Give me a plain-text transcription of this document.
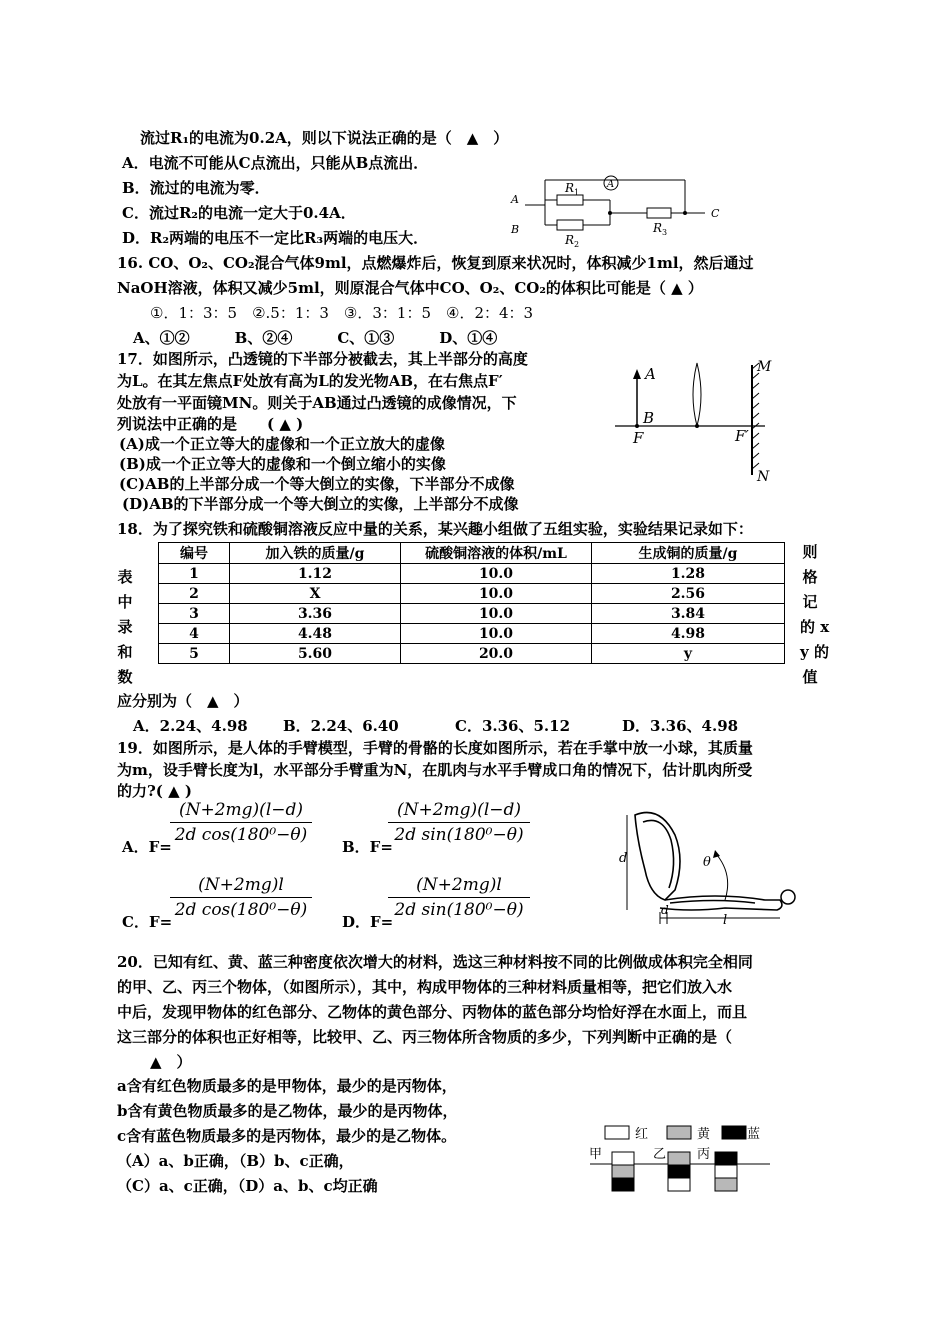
流过R₁的电流为0.2A，则以下说法正确的是（　▲　）
A．电流不可能从C点流出，只能从B点流出．
B．流过的电流为零．
C．流过R₂的电流一定大于0.4A．
D．R₂两端的电压不一定比R₃两端的电压大．
A
B
C
R 1
R 2
R 3
A
16. CO、O₂、CO₂混合气体9ml，点燃爆炸后，恢复到原来状况时，体积减少1ml，然后通过
NaOH溶液，体积又减少5ml，则原混合气体中CO、O₂、CO₂的体积比可能是（ ▲ ）
①．1：3：5　②.5：1：3　③．3：1：5　④．2：4：3
A、①②　　　B、②④　　　C、①③　　　D、①④
17．如图所示，凸透镜的下半部分被截去，其上半部分的高度
为L。在其左焦点F处放有高为L的发光物AB，在右焦点F′
处放有一平面镜MN。则关于AB通过凸透镜的成像情况，下
列说法中正确的是　　( ▲ )
(A)成一个正立等大的虚像和一个正立放大的虚像
(B)成一个正立等大的虚像和一个倒立缩小的实像
(C)AB的上半部分成一个等大倒立的实像，下半部分不成像
(D)AB的下半部分成一个等大倒立的实像，上半部分不成像
A
B
F	F′
M
N
18．为了探究铁和硫酸铜溶液反应中量的关系，某兴趣小组做了五组实验，实验结果记录如下：
表
中
录
和
数
则
格
记
的 x
y 的
值
编号	加入铁的质量/g	硫酸铜溶液的体积/mL	生成铜的质量/g
1	1.12	10.0	1.28
2	X	10.0	2.56
3	3.36	10.0	3.84
4	4.48	10.0	4.98
5	5.60	20.0	y
应分别为（　▲　）
A．2.24、4.98 B．2.24、6.40	C．3.36、5.12	D．3.36、4.98
19．如图所示，是人体的手臂模型，手臂的骨骼的长度如图所示，若在手掌中放一小球，其质量
为m，设手臂长度为l，水平部分手臂重为N，在肌肉与水平手臂成口角的情况下，估计肌肉所受
的力?( ▲ )
A．F=
$\frac{(N+2mg)(l-d)}{\text{2d cos(180⁰−θ)}}$
B．F=
$\frac{(N+2mg)(l-d)}{\text{2d sin(180⁰−θ)}}$
C．F=
$\frac{(N+2mg)l}{\text{2d cos(180⁰−θ)}}$
D．F=
$\frac{(N+2mg)l}{\text{2d sin(180⁰−θ)}}$
d
d
θ
l
20．已知有红、黄、蓝三种密度依次增大的材料，选这三种材料按不同的比例做成体积完全相同
的甲、乙、丙三个物体，（如图所示），其中，构成甲物体的三种材料质量相等，把它们放入水
中后，发现甲物体的红色部分、乙物体的黄色部分、丙物体的蓝色部分均恰好浮在水面上，而且
这三部分的体积也正好相等，比较甲、乙、丙三物体所含物质的多少，下列判断中正确的是（
▲　）
a含有红色物质最多的是甲物体，最少的是丙物体，
b含有黄色物质最多的是乙物体，最少的是丙物体，
c含有蓝色物质最多的是丙物体，最少的是乙物体。
（A）a、b正确，（B）b、c正确，
（C）a、c正确，（D）a、b、c均正确
红	黄	蓝
甲	乙 丙
